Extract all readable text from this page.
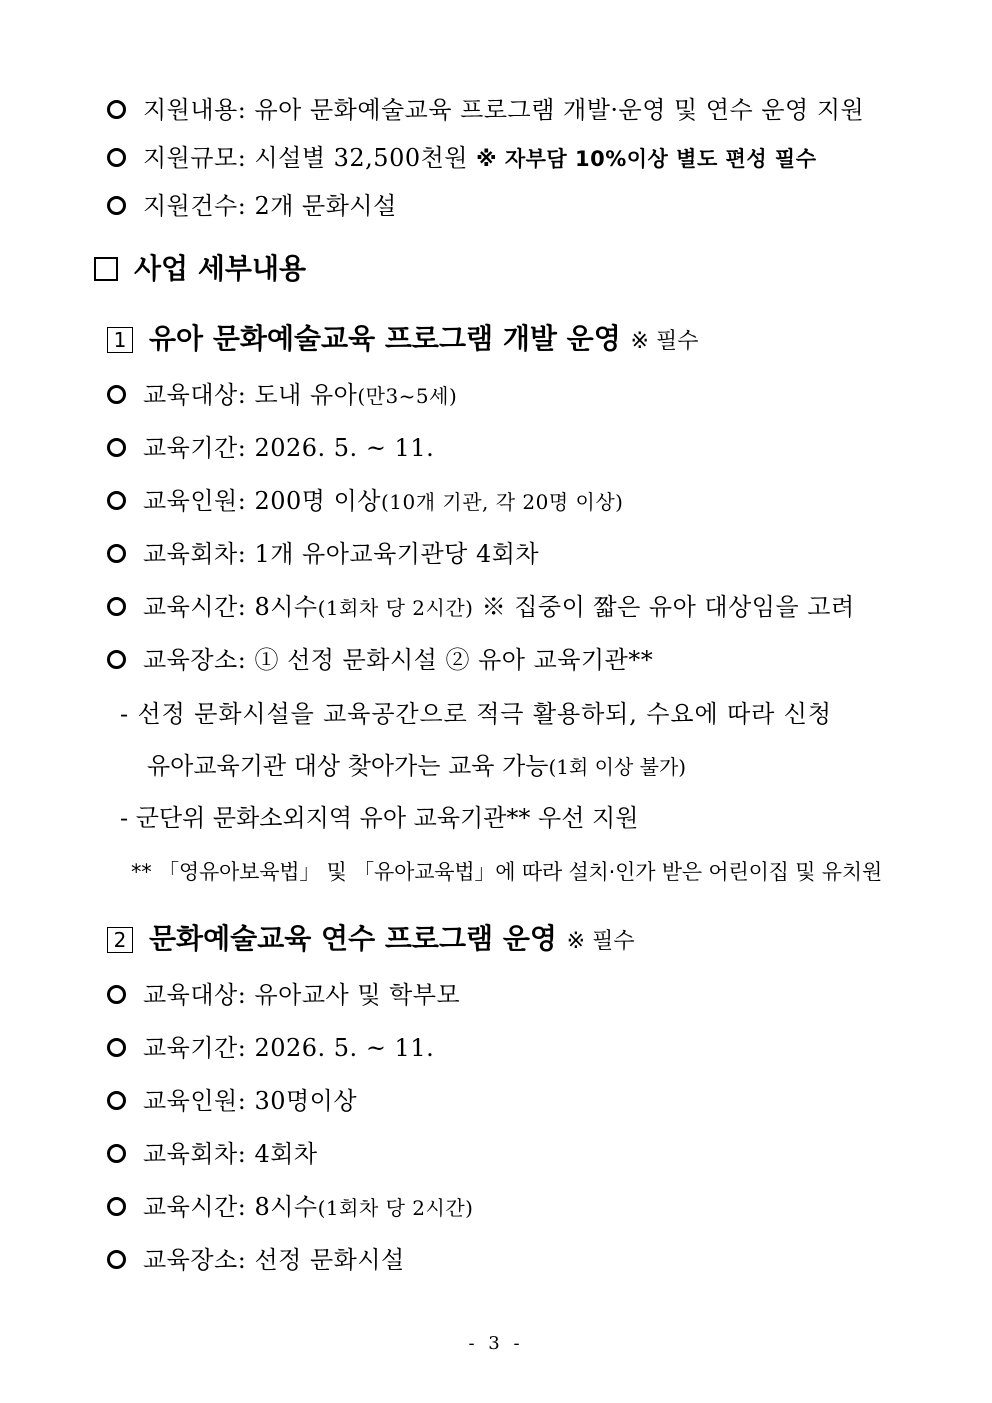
지원내용: 유아 문화예술교육 프로그램 개발·운영 및 연수 운영 지원
지원규모: 시설별 32,500천원 ※ 자부담 10%이상 별도 편성 필수
지원건수: 2개 문화시설
사업 세부내용
1 유아 문화예술교육 프로그램 개발 운영 ※ 필수
교육대상: 도내 유아(만3~5세)
교육기간: 2026. 5. ~ 11.
교육인원: 200명 이상(10개 기관, 각 20명 이상)
교육회차: 1개 유아교육기관당 4회차
교육시간: 8시수(1회차 당 2시간) ※ 집중이 짧은 유아 대상임을 고려
교육장소: ① 선정 문화시설 ② 유아 교육기관**
- 선정 문화시설을 교육공간으로 적극 활용하되, 수요에 따라 신청
유아교육기관 대상 찾아가는 교육 가능(1회 이상 불가)
- 군단위 문화소외지역 유아 교육기관** 우선 지원
** 「영유아보육법」 및 「유아교육법」에 따라 설치·인가 받은 어린이집 및 유치원
2 문화예술교육 연수 프로그램 운영 ※ 필수
교육대상: 유아교사 및 학부모
교육기간: 2026. 5. ~ 11.
교육인원: 30명이상
교육회차: 4회차
교육시간: 8시수(1회차 당 2시간)
교육장소: 선정 문화시설
- 3 -
